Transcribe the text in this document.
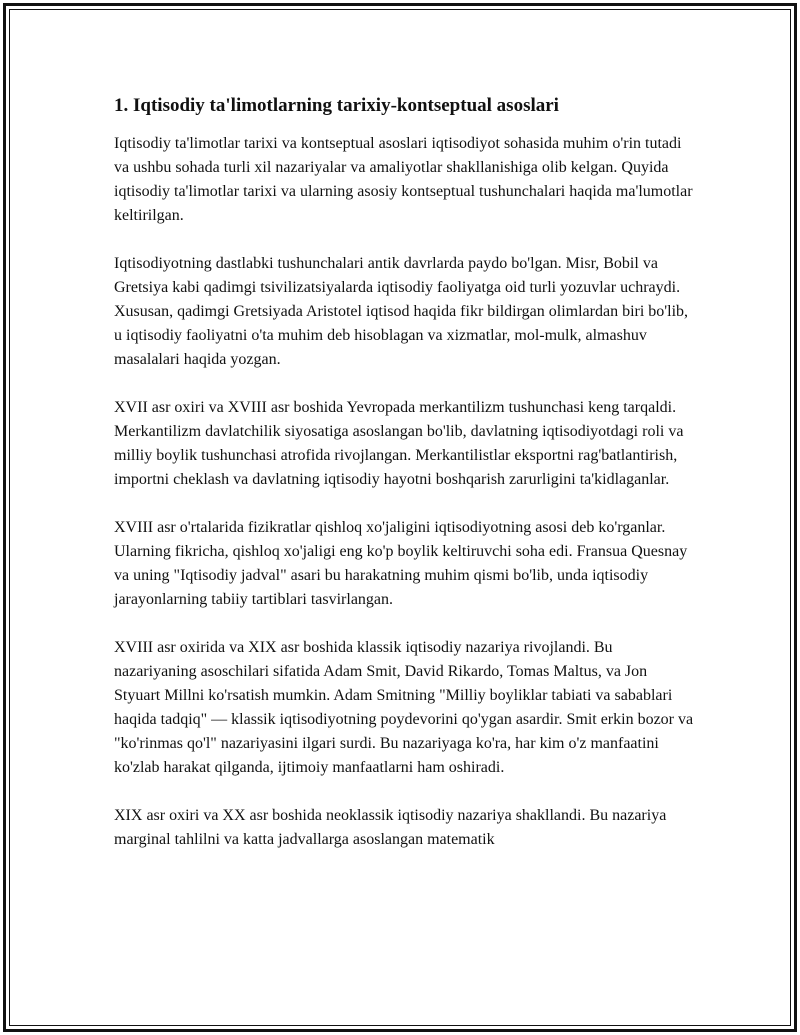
1. Iqtisodiy ta'limotlarning tarixiy-kontseptual asoslari

Iqtisodiy ta'limotlar tarixi va kontseptual asoslari iqtisodiyot sohasida muhim o'rin tutadi va ushbu sohada turli xil nazariyalar va amaliyotlar shakllanishiga olib kelgan. Quyida iqtisodiy ta'limotlar tarixi va ularning asosiy kontseptual tushunchalari haqida ma'lumotlar keltirilgan.

Iqtisodiyotning dastlabki tushunchalari antik davrlarda paydo bo'lgan. Misr, Bobil va Gretsiya kabi qadimgi tsivilizatsiyalarda iqtisodiy faoliyatga oid turli yozuvlar uchraydi. Xususan, qadimgi Gretsiyada Aristotel iqtisod haqida fikr bildirgan olimlardan biri bo'lib, u iqtisodiy faoliyatni o'ta muhim deb hisoblagan va xizmatlar, mol-mulk, almashuv masalalari haqida yozgan.

XVII asr oxiri va XVIII asr boshida Yevropada merkantilizm tushunchasi keng tarqaldi. Merkantilizm davlatchilik siyosatiga asoslangan bo'lib, davlatning iqtisodiyotdagi roli va milliy boylik tushunchasi atrofida rivojlangan. Merkantilistlar eksportni rag'batlantirish, importni cheklash va davlatning iqtisodiy hayotni boshqarish zarurligini ta'kidlaganlar.

XVIII asr o'rtalarida fizikratlar qishloq xo'jaligini iqtisodiyotning asosi deb ko'rganlar. Ularning fikricha, qishloq xo'jaligi eng ko'p boylik keltiruvchi soha edi. Fransua Quesnay va uning "Iqtisodiy jadval" asari bu harakatning muhim qismi bo'lib, unda iqtisodiy jarayonlarning tabiiy tartiblari tasvirlangan.

XVIII asr oxirida va XIX asr boshida klassik iqtisodiy nazariya rivojlandi. Bu nazariyaning asoschilari sifatida Adam Smit, David Rikardo, Tomas Maltus, va Jon Styuart Millni ko'rsatish mumkin. Adam Smitning "Milliy boyliklar tabiati va sabablari haqida tadqiq" — klassik iqtisodiyotning poydevorini qo'ygan asardir. Smit erkin bozor va "ko'rinmas qo'l" nazariyasini ilgari surdi. Bu nazariyaga ko'ra, har kim o'z manfaatini ko'zlab harakat qilganda, ijtimoiy manfaatlarni ham oshiradi.

XIX asr oxiri va XX asr boshida neoklassik iqtisodiy nazariya shakllandi. Bu nazariya marginal tahlilni va katta jadvallarga asoslangan matematik
